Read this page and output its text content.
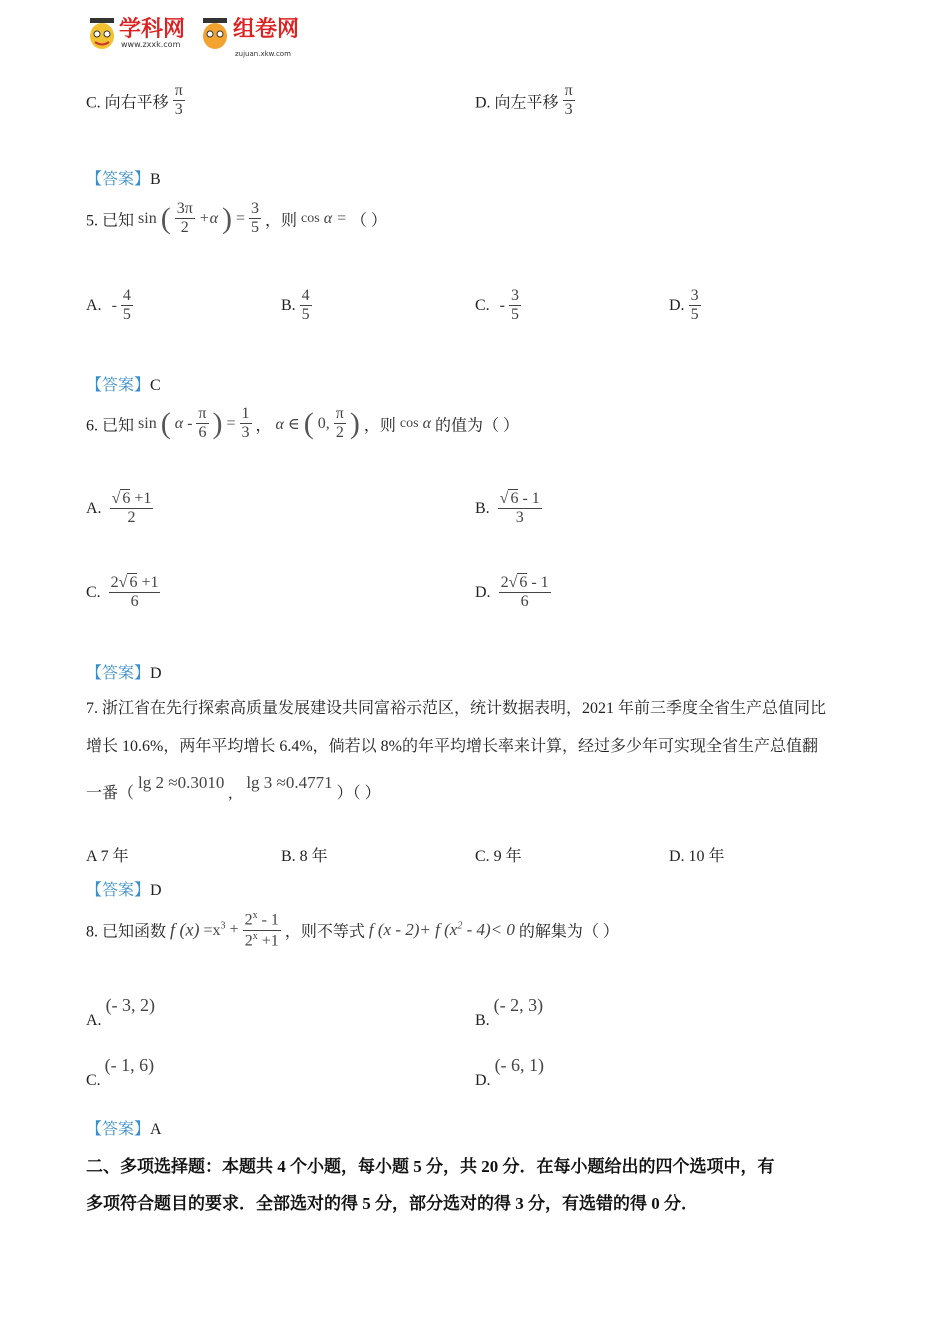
学科网
www.zxxk.com
组卷网
zujuan.xkw.com
C. 向右平移 $\frac{\pi}{3}$	D. 向左平移 $\frac{\pi}{3}$
【答案】B
5. 已知 sin ( $\frac{3\pi}{2} +\alpha$ ) = $\frac{3}{5}$ ，则 cos α = （ ）
A. - $\frac{4}{5}$	B. $\frac{4}{5}$	C. - $\frac{3}{5}$	D. $\frac{3}{5}$
【答案】C
6. 已知 sin ( α - $\frac{\pi}{6}$ ) = $\frac{1}{3}$ ， α ∈ ( 0, $\frac{\pi}{2}$ ) ，则 cos α 的值为（ ）
A. $\frac{√ 6 +1}{2}$	B. $\frac{√ 6 - 1}{3}$
C. $\frac{2√ 6 +1}{6}$	D. $\frac{2√ 6 - 1}{6}$
【答案】D
7. 浙江省在先行探索高质量发展建设共同富裕示范区，统计数据表明，2021 年前三季度全省生产总值同比
增长 10.6%，两年平均增长 6.4%，倘若以 8%的年平均增长率来计算，经过多少年可实现全省生产总值翻
一番（ lg 2 ≈0.3010 , lg 3 ≈0.4771 ）（ ）
A 7 年	B. 8 年	C. 9 年	D. 10 年
【答案】D
8. 已知函数 f $(x) =x^3 + \frac{2^x - 1}{2^x +1}$ ，则不等式 f (x - 2)+ f $(x^2 - 4)< 0$ 的解集为（ ）
A. (- 3, 2)
B. (- 2, 3)
C. (- 1, 6)
D. (- 6, 1)
【答案】A
二、多项选择题：本题共 4 个小题，每小题 5 分，共 20 分．在每小题给出的四个选项中，有
多项符合题目的要求．全部选对的得 5 分，部分选对的得 3 分，有选错的得 0 分．
